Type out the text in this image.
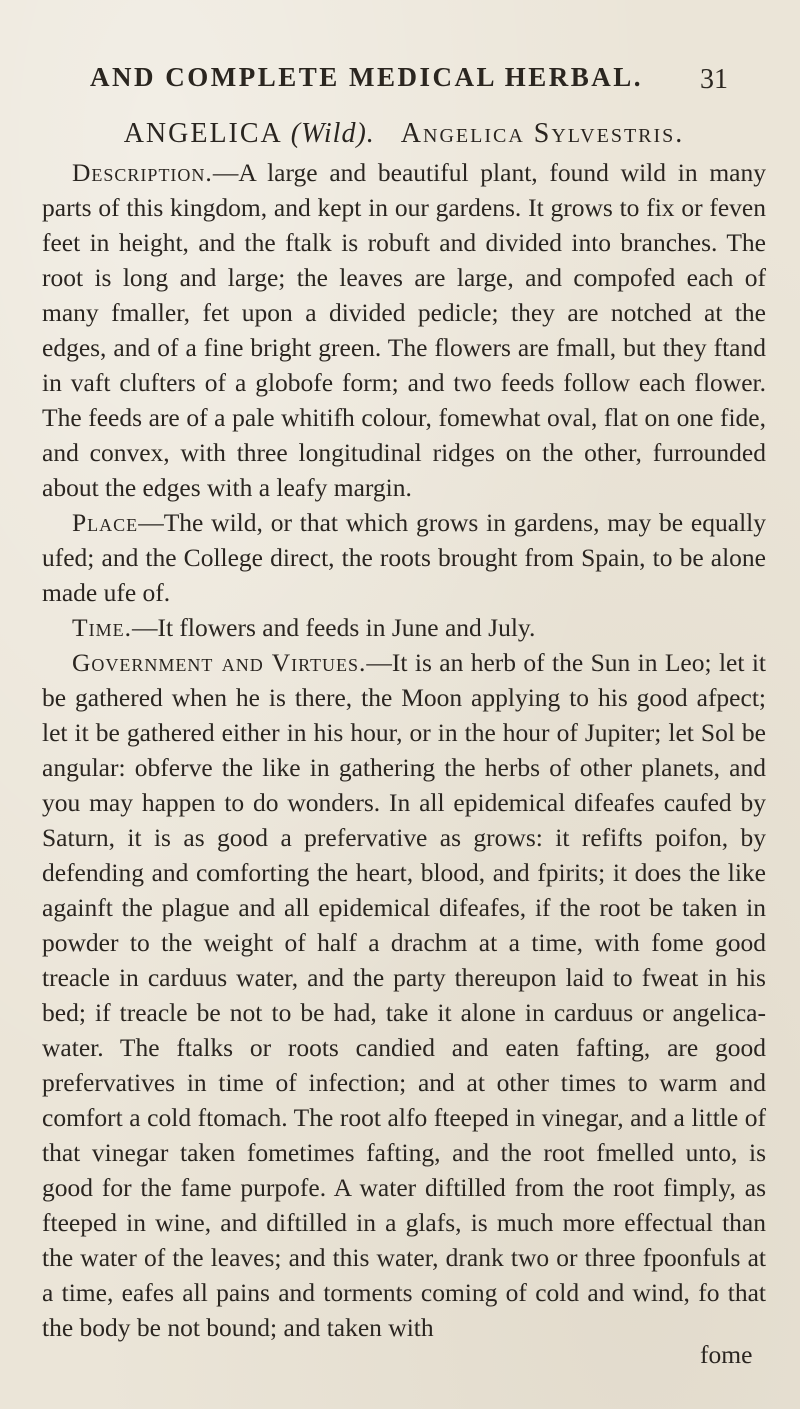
AND COMPLETE MEDICAL HERBAL. 31
ANGELICA (Wild). Angelica Sylvestris.

Description.—A large and beautiful plant, found wild in many parts of this kingdom, and kept in our gardens. It grows to fix or feven feet in height, and the ftalk is robuft and divided into branches. The root is long and large; the leaves are large, and compofed each of many fmaller, fet upon a divided pedicle; they are notched at the edges, and of a fine bright green. The flowers are fmall, but they ftand in vaft clufters of a globofe form; and two feeds follow each flower. The feeds are of a pale whitifh colour, fomewhat oval, flat on one fide, and convex, with three longitudinal ridges on the other, furrounded about the edges with a leafy margin.

Place—The wild, or that which grows in gardens, may be equally ufed; and the College direct, the roots brought from Spain, to be alone made ufe of.

Time.—It flowers and feeds in June and July.

Government and Virtues.—It is an herb of the Sun in Leo; let it be gathered when he is there, the Moon applying to his good afpect; let it be gathered either in his hour, or in the hour of Jupiter; let Sol be angular: obferve the like in gathering the herbs of other planets, and you may happen to do wonders. In all epidemical difeafes caufed by Saturn, it is as good a prefervative as grows: it refifts poifon, by defending and comforting the heart, blood, and fpirits; it does the like againft the plague and all epidemical difeafes, if the root be taken in powder to the weight of half a drachm at a time, with fome good treacle in carduus water, and the party thereupon laid to fweat in his bed; if treacle be not to be had, take it alone in carduus or angelica-water. The ftalks or roots candied and eaten fafting, are good prefervatives in time of infection; and at other times to warm and comfort a cold ftomach. The root alfo fteeped in vinegar, and a little of that vinegar taken fometimes fafting, and the root fmelled unto, is good for the fame purpofe. A water diftilled from the root fimply, as fteeped in wine, and diftilled in a glafs, is much more effectual than the water of the leaves; and this water, drank two or three fpoonfuls at a time, eafes all pains and torments coming of cold and wind, fo that the body be not bound; and taken with

fome
